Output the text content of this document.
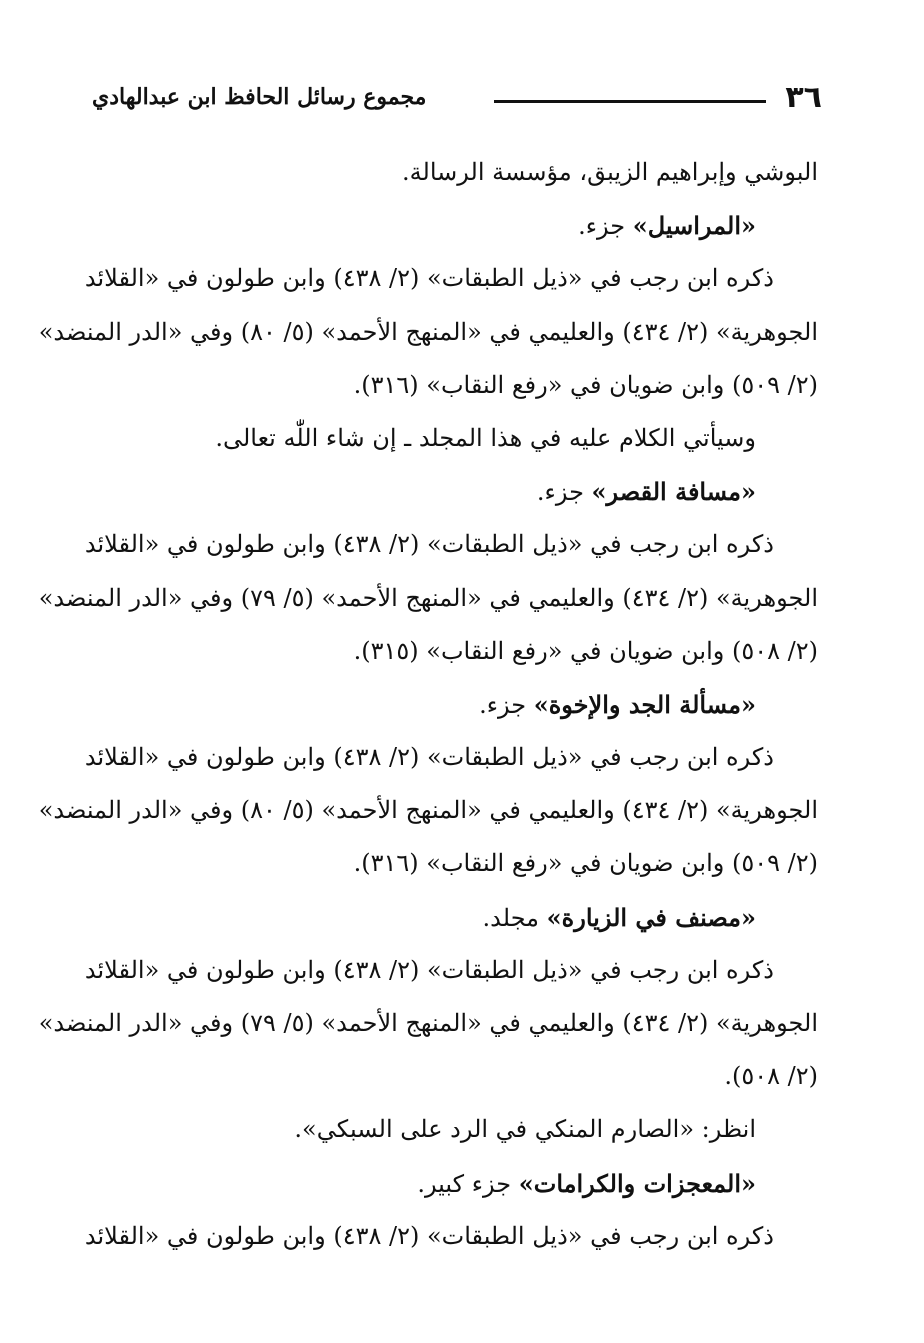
٣٦
مجموع رسائل الحافظ ابن عبدالهادي
البوشي وإبراهيم الزيبق، مؤسسة الرسالة.
«المراسيل» جزء.
ذكره ابن رجب في «ذيل الطبقات» (٢/ ٤٣٨) وابن طولون في «القلائد
الجوهرية» (٢/ ٤٣٤) والعليمي في «المنهج الأحمد» (٥/ ٨٠) وفي «الدر المنضد»
(٢/ ٥٠٩) وابن ضويان في «رفع النقاب» (٣١٦).
وسيأتي الكلام عليه في هذا المجلد ـ إن شاء اللّٰه تعالى.
«مسافة القصر» جزء.
ذكره ابن رجب في «ذيل الطبقات» (٢/ ٤٣٨) وابن طولون في «القلائد
الجوهرية» (٢/ ٤٣٤) والعليمي في «المنهج الأحمد» (٥/ ٧٩) وفي «الدر المنضد»
(٢/ ٥٠٨) وابن ضويان في «رفع النقاب» (٣١٥).
«مسألة الجد والإخوة» جزء.
ذكره ابن رجب في «ذيل الطبقات» (٢/ ٤٣٨) وابن طولون في «القلائد
الجوهرية» (٢/ ٤٣٤) والعليمي في «المنهج الأحمد» (٥/ ٨٠) وفي «الدر المنضد»
(٢/ ٥٠٩) وابن ضويان في «رفع النقاب» (٣١٦).
«مصنف في الزيارة» مجلد.
ذكره ابن رجب في «ذيل الطبقات» (٢/ ٤٣٨) وابن طولون في «القلائد
الجوهرية» (٢/ ٤٣٤) والعليمي في «المنهج الأحمد» (٥/ ٧٩) وفي «الدر المنضد»
(٢/ ٥٠٨).
انظر: «الصارم المنكي في الرد على السبكي».
«المعجزات والكرامات» جزء كبير.
ذكره ابن رجب في «ذيل الطبقات» (٢/ ٤٣٨) وابن طولون في «القلائد
